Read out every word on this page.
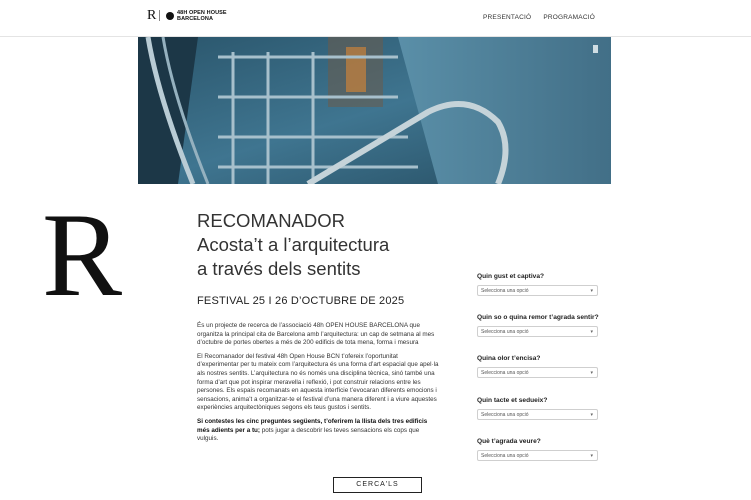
R	48H OPEN HOUSE
BARCELONA	PRESENTACIÓ PROGRAMACIÓ
R	RECOMANADOR
Acosta’t a l’arquitectura
a través dels sentits
FESTIVAL 25 I 26 D’OCTUBRE DE 2025

És un projecte de recerca de l’associació 48h OPEN HOUSE BARCELONA que organitza la principal cita de Barcelona amb l’arquitectura: un cap de setmana al mes d’octubre de portes obertes a més de 200 edificis de tota mena, forma i mesura

El Recomanador del festival 48h Open House BCN t’ofereix l’oportunitat d’experimentar per tu mateix com l’arquitectura és una forma d’art espacial que apel·la als nostres sentits. L’arquitectura no és només una disciplina tècnica, sinó també una forma d’art que pot inspirar meravella i reflexió, i pot construir relacions entre les persones. Els espais recomanats en aquesta interfície t’evocaran diferents emocions i sensacions, anima’t a organitzar-te el festival d’una manera diferent i a viure aquestes experiències arquitectòniques segons els teus gustos i sentits.

Si contestes les cinc preguntes següents, t’oferirem la llista dels tres edificis més adients per a tu; pots jugar a descobrir les teves sensacions els cops que vulguis.

Quin gust et captiva?
Selecciona una opció	▾
Quin so o quina remor t’agrada sentir?
Selecciona una opció	▾
Quina olor t’encisa?
Selecciona una opció	▾
Quin tacte et sedueix?
Selecciona una opció	▾
Què t’agrada veure?
Selecciona una opció	▾
CERCA'LS
